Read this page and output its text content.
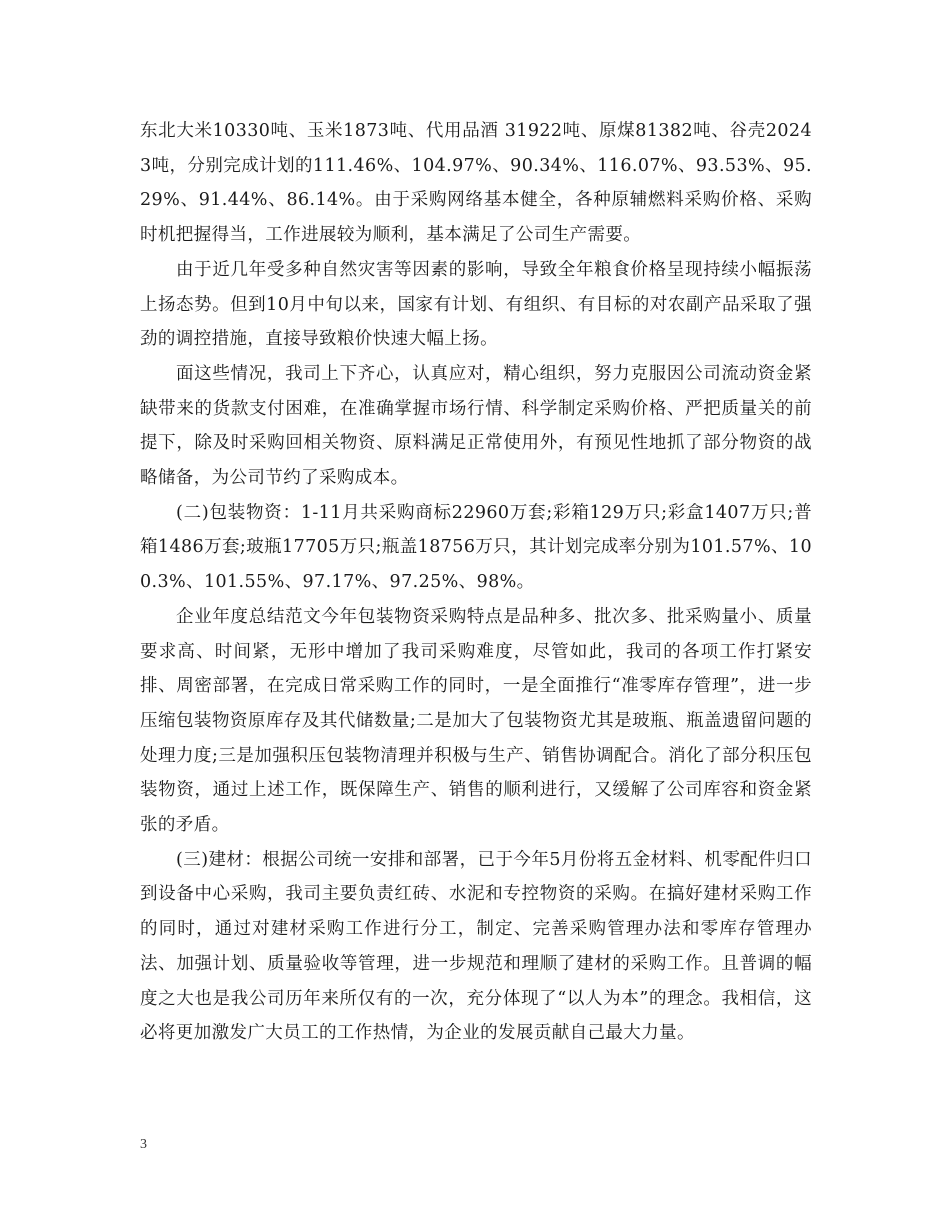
东北大米10330吨、玉米1873吨、代用品酒 31922吨、原煤81382吨、谷壳20243吨，分别完成计划的111.46%、104.97%、90.34%、116.07%、93.53%、95.29%、91.44%、86.14%。由于采购网络基本健全，各种原辅燃料采购价格、采购时机把握得当，工作进展较为顺利，基本满足了公司生产需要。

由于近几年受多种自然灾害等因素的影响，导致全年粮食价格呈现持续小幅振荡上扬态势。但到10月中旬以来，国家有计划、有组织、有目标的对农副产品采取了强劲的调控措施，直接导致粮价快速大幅上扬。

面这些情况，我司上下齐心，认真应对，精心组织，努力克服因公司流动资金紧缺带来的货款支付困难，在准确掌握市场行情、科学制定采购价格、严把质量关的前提下，除及时采购回相关物资、原料满足正常使用外，有预见性地抓了部分物资的战略储备，为公司节约了采购成本。

(二)包装物资：1-11月共采购商标22960万套;彩箱129万只;彩盒1407万只;普箱1486万套;玻瓶17705万只;瓶盖18756万只，其计划完成率分别为101.57%、100.3%、101.55%、97.17%、97.25%、98%。

企业年度总结范文今年包装物资采购特点是品种多、批次多、批采购量小、质量要求高、时间紧，无形中增加了我司采购难度，尽管如此，我司的各项工作打紧安排、周密部署，在完成日常采购工作的同时，一是全面推行“准零库存管理”，进一步压缩包装物资原库存及其代储数量;二是加大了包装物资尤其是玻瓶、瓶盖遗留问题的处理力度;三是加强积压包装物清理并积极与生产、销售协调配合。消化了部分积压包装物资，通过上述工作，既保障生产、销售的顺利进行，又缓解了公司库容和资金紧张的矛盾。

(三)建材：根据公司统一安排和部署，已于今年5月份将五金材料、机零配件归口到设备中心采购，我司主要负责红砖、水泥和专控物资的采购。在搞好建材采购工作的同时，通过对建材采购工作进行分工，制定、完善采购管理办法和零库存管理办法、加强计划、质量验收等管理，进一步规范和理顺了建材的采购工作。且普调的幅度之大也是我公司历年来所仅有的一次，充分体现了“以人为本”的理念。我相信，这必将更加激发广大员工的工作热情，为企业的发展贡献自己最大力量。

3
